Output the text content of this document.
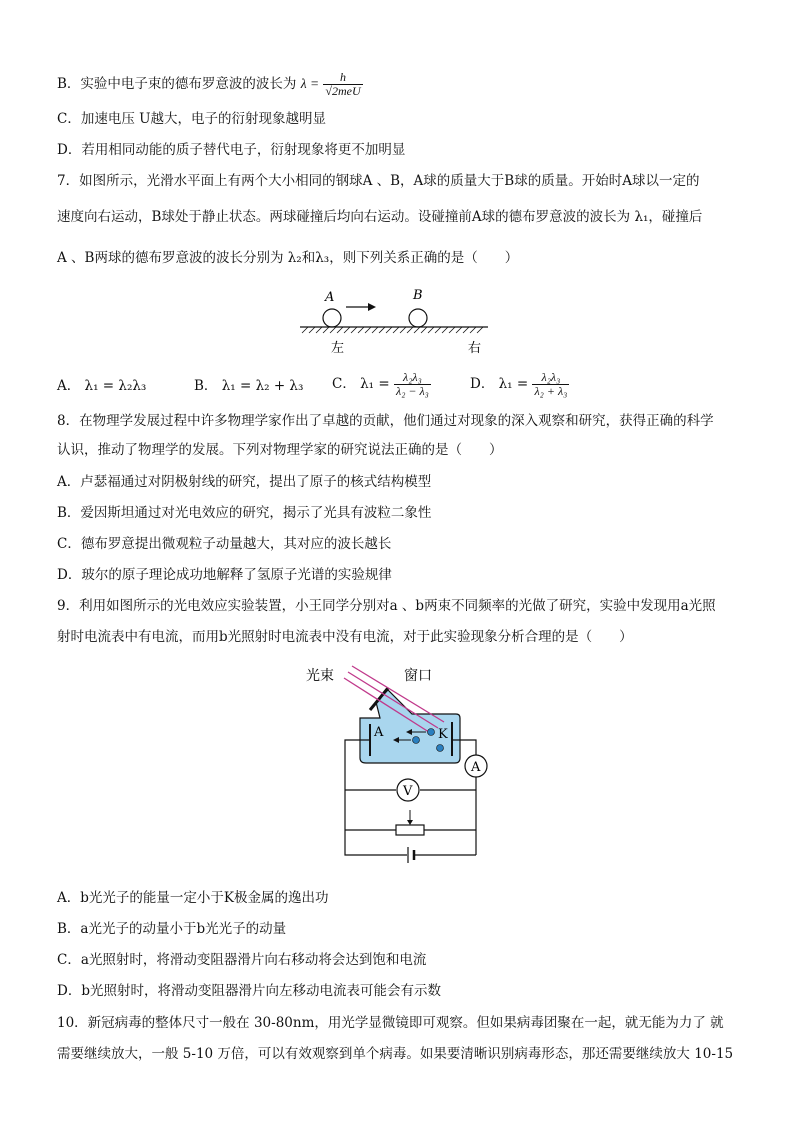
B．实验中电子束的德布罗意波的波长为 $\lambda = \frac{h}{\text{√2meU}}$
C．加速电压 U越大，电子的衍射现象越明显
D．若用相同动能的质子替代电子，衍射现象将更不加明显
7．如图所示，光滑水平面上有两个大小相同的钢球A 、B，A球的质量大于B球的质量。开始时A球以一定的
速度向右运动，B球处于静止状态。两球碰撞后均向右运动。设碰撞前A球的德布罗意波的波长为 λ₁，碰撞后
A 、B两球的德布罗意波的波长分别为 λ₂和λ₃，则下列关系正确的是（　　）
A	B
左	右
A． λ₁ = λ₂λ₃	B． λ₁ = λ₂ + λ₃ C． $\lambda_1 = \frac{\text{λ₂λ₃}}{\text{λ₂ − λ₃}}$	D． $\lambda_1 = \frac{\text{λ₂λ₃}}{\text{λ₂ + λ₃}}$
8．在物理学发展过程中许多物理学家作出了卓越的贡献，他们通过对现象的深入观察和研究，获得正确的科学
认识，推动了物理学的发展。下列对物理学家的研究说法正确的是（　　）
A．卢瑟福通过对阴极射线的研究，提出了原子的核式结构模型
B．爱因斯坦通过对光电效应的研究，揭示了光具有波粒二象性
C．德布罗意提出微观粒子动量越大，其对应的波长越长
D．玻尔的原子理论成功地解释了氢原子光谱的实验规律
9．利用如图所示的光电效应实验装置，小王同学分别对a 、b两束不同频率的光做了研究，实验中发现用a光照
射时电流表中有电流，而用b光照射时电流表中没有电流，对于此实验现象分析合理的是（　　）
光束	窗口
A	K
A
V
A．b光光子的能量一定小于K极金属的逸出功
B．a光光子的动量小于b光光子的动量
C．a光照射时，将滑动变阻器滑片向右移动将会达到饱和电流
D．b光照射时，将滑动变阻器滑片向左移动电流表可能会有示数
10．新冠病毒的整体尺寸一般在 30-80nm，用光学显微镜即可观察。但如果病毒团聚在一起，就无能为力了 就
需要继续放大，一般 5-10 万倍，可以有效观察到单个病毒。如果要清晰识别病毒形态，那还需要继续放大 10-15
